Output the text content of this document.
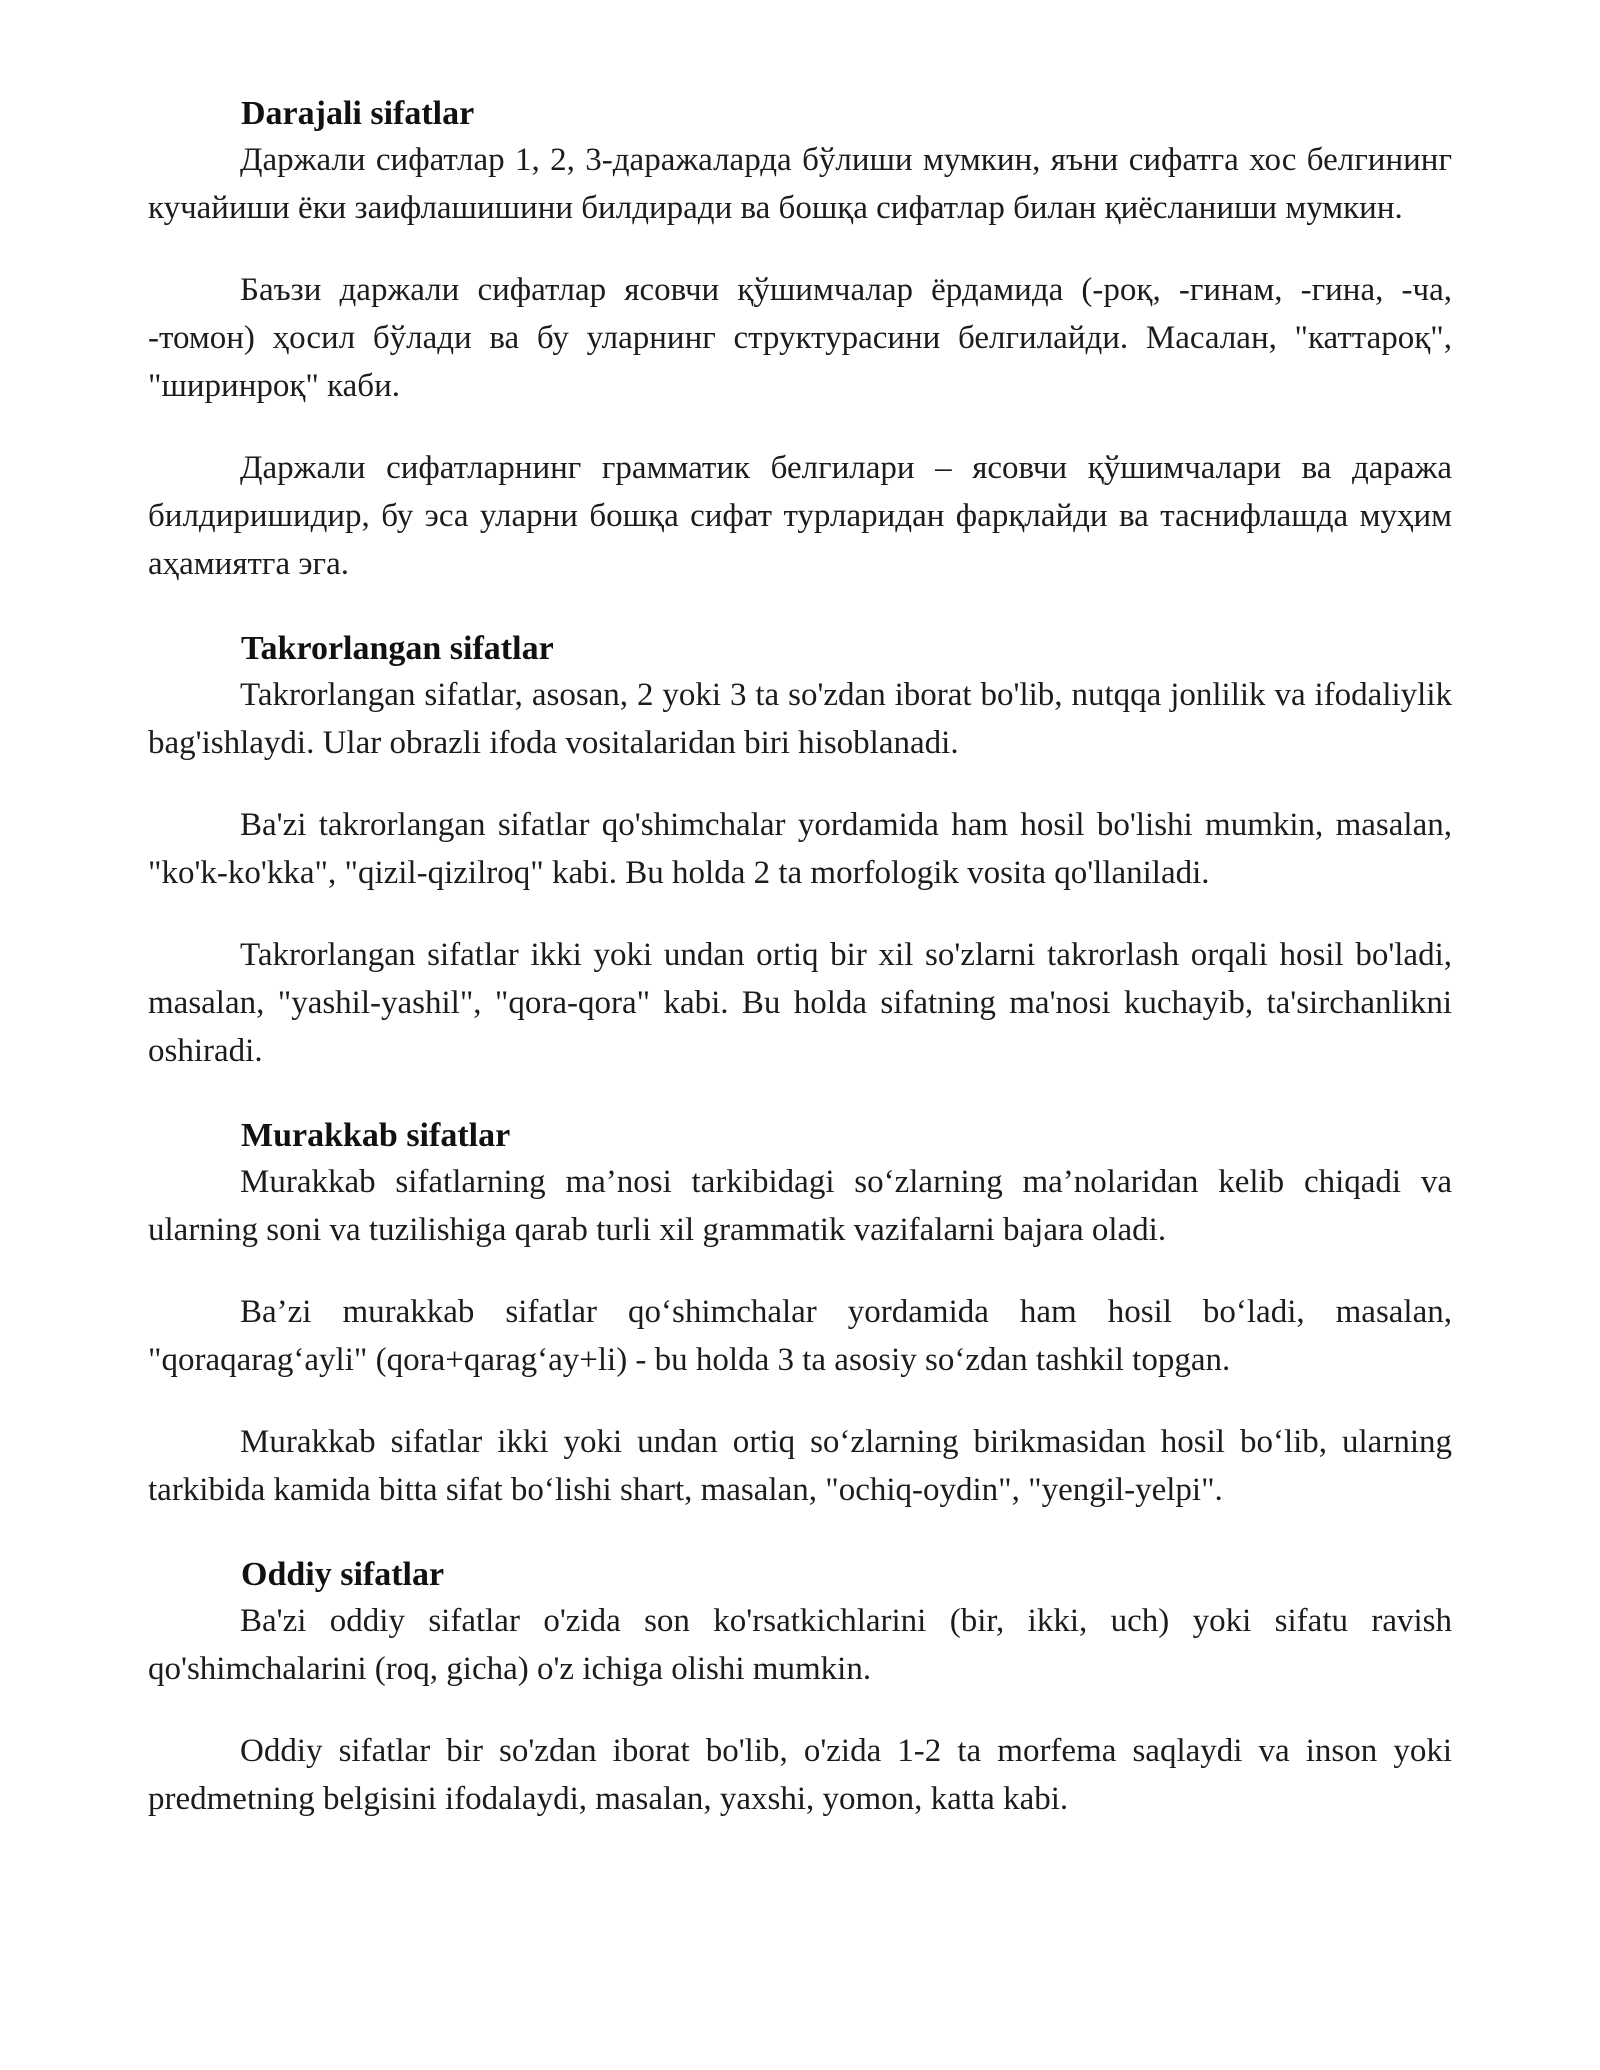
Darajali sifatlar

Даржали сифатлар 1, 2, 3-даражаларда бўлиши мумкин, яъни сифатга хос белгининг кучайиши ёки заифлашишини билдиради ва бошқа сифатлар билан қиёсланиши мумкин.

Баъзи даржали сифатлар ясовчи қўшимчалар ёрдамида (-роқ, -гинам, -гина, -ча, -томон) ҳосил бўлади ва бу уларнинг структурасини белгилайди. Масалан, "каттароқ", "ширинроқ" каби.

Даржали сифатларнинг грамматик белгилари – ясовчи қўшимчалари ва даража билдиришидир, бу эса уларни бошқа сифат турларидан фарқлайди ва таснифлашда муҳим аҳамиятга эга.

Takrorlangan sifatlar

Takrorlangan sifatlar, asosan, 2 yoki 3 ta so'zdan iborat bo'lib, nutqqa jonlilik va ifodaliylik bag'ishlaydi. Ular obrazli ifoda vositalaridan biri hisoblanadi.

Ba'zi takrorlangan sifatlar qo'shimchalar yordamida ham hosil bo'lishi mumkin, masalan, "ko'k-ko'kka", "qizil-qizilroq" kabi. Bu holda 2 ta morfologik vosita qo'llaniladi.

Takrorlangan sifatlar ikki yoki undan ortiq bir xil so'zlarni takrorlash orqali hosil bo'ladi, masalan, "yashil-yashil", "qora-qora" kabi. Bu holda sifatning ma'nosi kuchayib, ta'sirchanlikni oshiradi.

Murakkab sifatlar

Murakkab sifatlarning ma’nosi tarkibidagi so‘zlarning ma’nolaridan kelib chiqadi va ularning soni va tuzilishiga qarab turli xil grammatik vazifalarni bajara oladi.

Ba’zi murakkab sifatlar qo‘shimchalar yordamida ham hosil bo‘ladi, masalan, "qoraqarag‘ayli" (qora+qarag‘ay+li) - bu holda 3 ta asosiy so‘zdan tashkil topgan.

Murakkab sifatlar ikki yoki undan ortiq so‘zlarning birikmasidan hosil bo‘lib, ularning tarkibida kamida bitta sifat bo‘lishi shart, masalan, "ochiq-oydin", "yengil-yelpi".

Oddiy sifatlar

Ba'zi oddiy sifatlar o'zida son ko'rsatkichlarini (bir, ikki, uch) yoki sifatu ravish qo'shimchalarini (roq, gicha) o'z ichiga olishi mumkin.

Oddiy sifatlar bir so'zdan iborat bo'lib, o'zida 1-2 ta morfema saqlaydi va inson yoki predmetning belgisini ifodalaydi, masalan, yaxshi, yomon, katta kabi.
